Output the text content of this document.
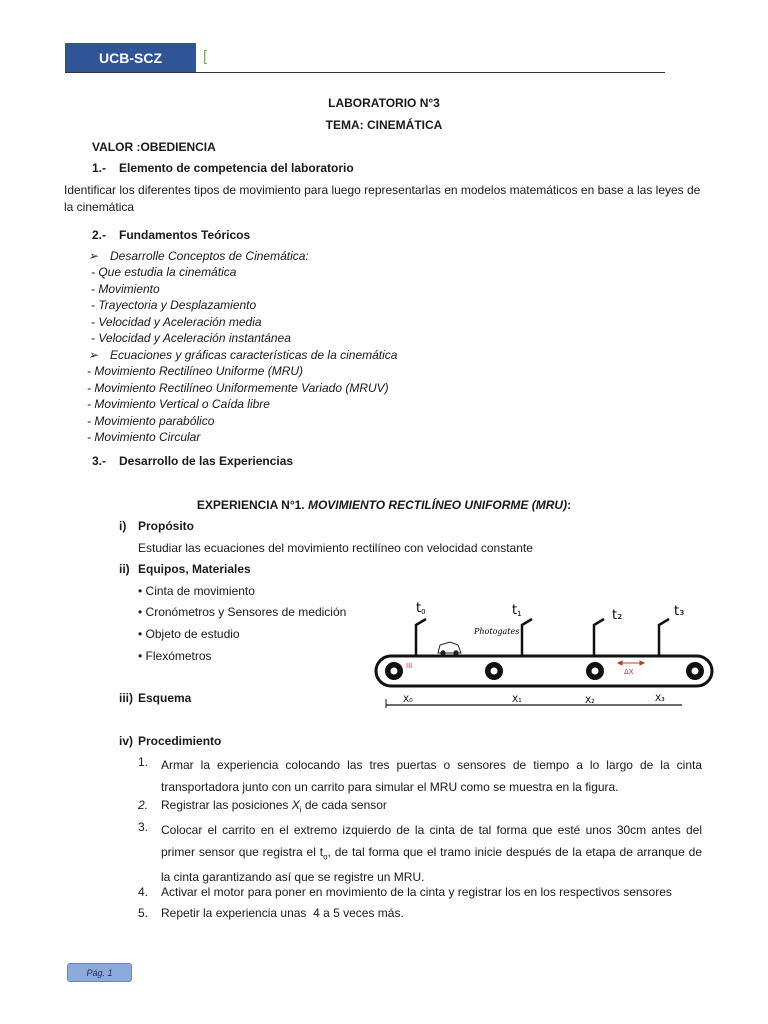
UCB-SCZ	[
LABORATORIO N°3
TEMA: CINEMÁTICA
VALOR :OBEDIENCIA
1.- Elemento de competencia del laboratorio
Identificar los diferentes tipos de movimiento para luego representarlas en modelos matemáticos en base a las leyes de la cinemática
2.- Fundamentos Teóricos
➢ Desarrolle Conceptos de Cinemática:
- Que estudia la cinemática
- Movimiento
- Trayectoria y Desplazamiento
- Velocidad y Aceleración media
- Velocidad y Aceleración instantánea
➢ Ecuaciones y gráficas características de la cinemática
- Movimiento Rectilíneo Uniforme (MRU)
- Movimiento Rectilíneo Uniformemente Variado (MRUV)
- Movimiento Vertical o Caída libre
- Movimiento parabólico
- Movimiento Circular
3.- Desarrollo de las Experiencias
EXPERIENCIA N°1. MOVIMIENTO RECTILÍNEO UNIFORME (MRU):
i) Propósito
Estudiar las ecuaciones del movimiento rectilíneo con velocidad constante
ii) Equipos, Materiales
• Cinta de movimiento
• Cronómetros y Sensores de medición
• Objeto de estudio
• Flexómetros
iii) Esquema
t0	t1	t₂	t₃
Photogates
III
ΔX
X₀	X₁	X₂	X₃
iv) Procedimiento
1. Armar la experiencia colocando las tres puertas o sensores de tiempo a lo largo de la cinta transportadora junto con un carrito para simular el MRU como se muestra en la figura.
2. Registrar las posiciones $X_i$ de cada sensor
3. Colocar el carrito en el extremo izquierdo de la cinta de tal forma que esté unos 30cm antes del primer sensor que registra el $t_o$, de tal forma que el tramo inicie después de la etapa de arranque de la cinta garantizando así que se registre un MRU.
4. Activar el motor para poner en movimiento de la cinta y registrar los en los respectivos sensores
5. Repetir la experiencia unas  4 a 5 veces más.
Pág. 1
